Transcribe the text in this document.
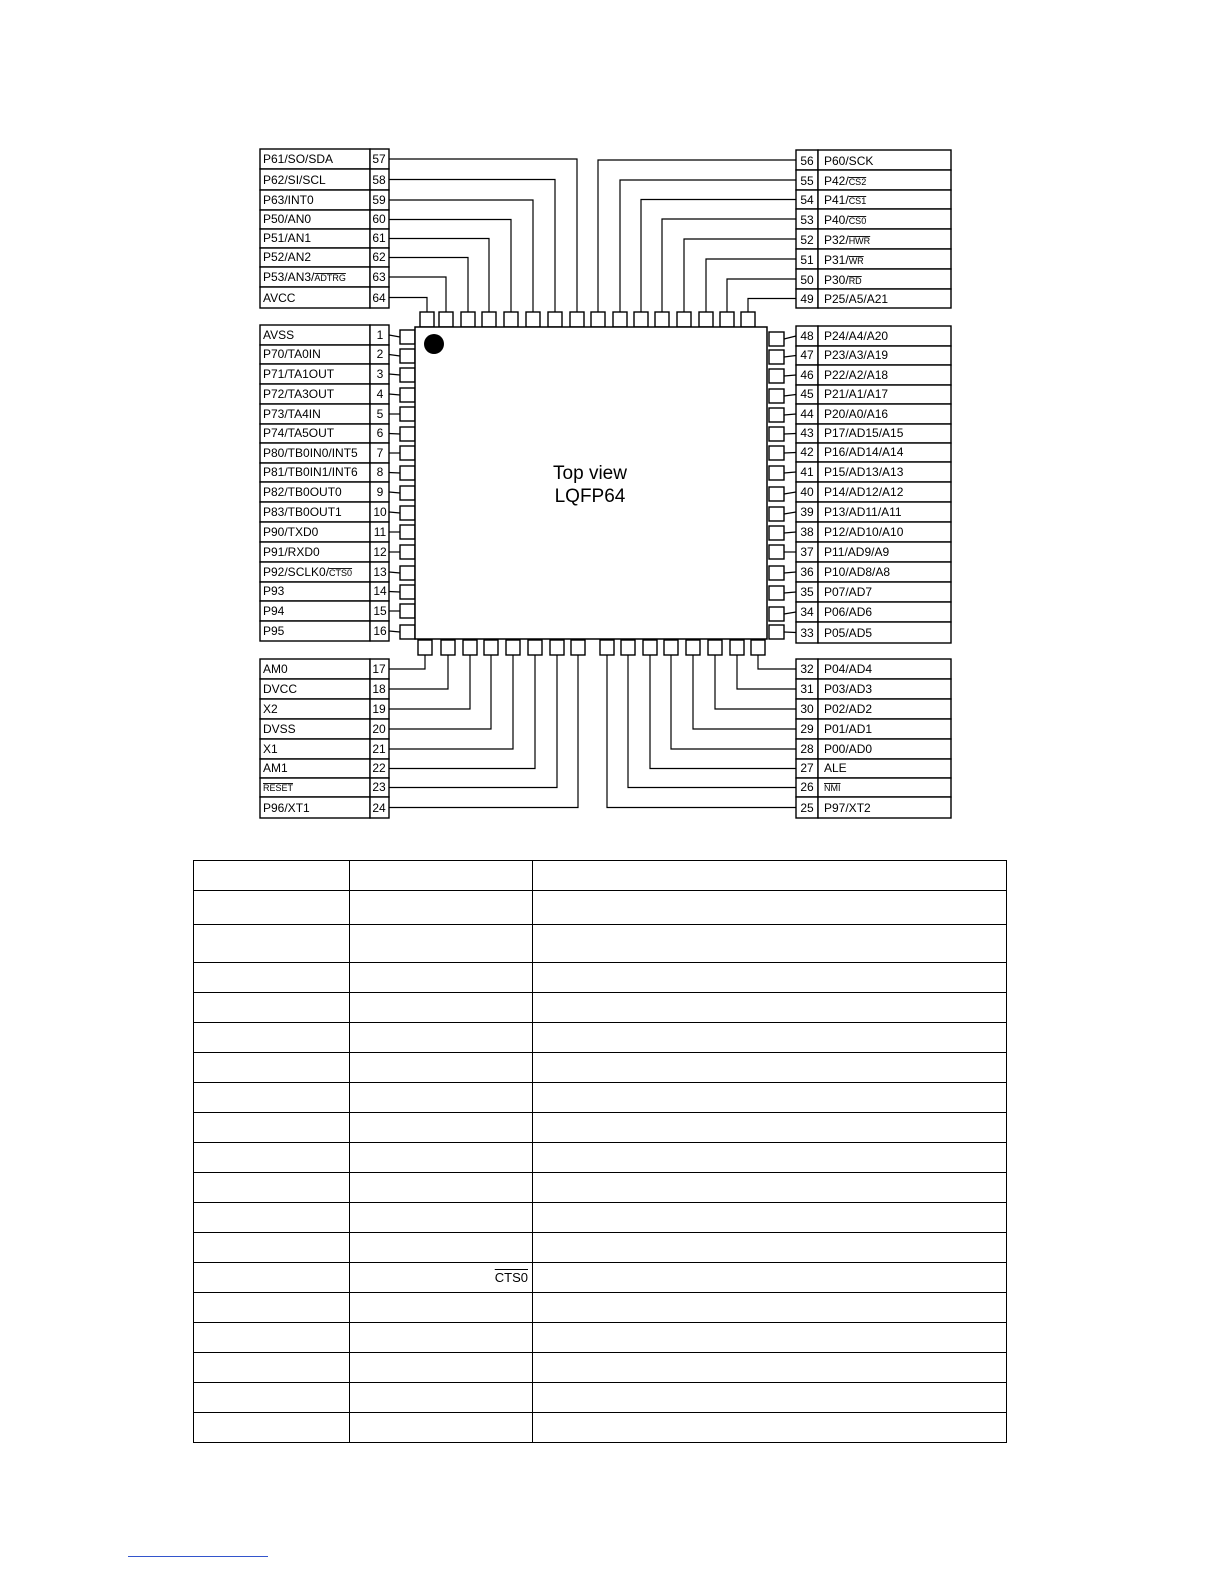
P61/SO/SDA	57
P62/SI/SCL	58
P63/INT0	59
P50/AN0	60
P51/AN1	61
P52/AN2	62
P53/AN3/ADTRG 63
AVCC	64
56 P60/SCK
55 P42/CS2
54 P41/CS1
53 P40/CS0
52 P32/HWR
51 P31/WR
50 P30/RD
49 P25/A5/A21
AVSS	1
P70/TA0IN	2
P71/TA1OUT	3
P72/TA3OUT	4
P73/TA4IN	5
P74/TA5OUT	6
P80/TB0IN0/INT5 7
P81/TB0IN1/INT6 8
P82/TB0OUT0	9
P83/TB0OUT1	10
P90/TXD0	11
P91/RXD0	12
P92/SCLK0/CTS0 13
P93	14
P94	15
P95	16
48 P24/A4/A20
47 P23/A3/A19
46 P22/A2/A18
45 P21/A1/A17
44 P20/A0/A16
43 P17/AD15/A15
42 P16/AD14/A14
41 P15/AD13/A13
40 P14/AD12/A12
39 P13/AD11/A11
38 P12/AD10/A10
37 P11/AD9/A9
36 P10/AD8/A8
35 P07/AD7
34 P06/AD6
33 P05/AD5
AM0	17
DVCC	18
X2	19
DVSS	20
X1	21
AM1	22
RESET	23
P96/XT1	24
32 P04/AD4
31 P03/AD3
30 P02/AD2
29 P01/AD1
28 P00/AD0
27 ALE
26 NMI
25 P97/XT2
Top view
LQFP64

	CTS0	
